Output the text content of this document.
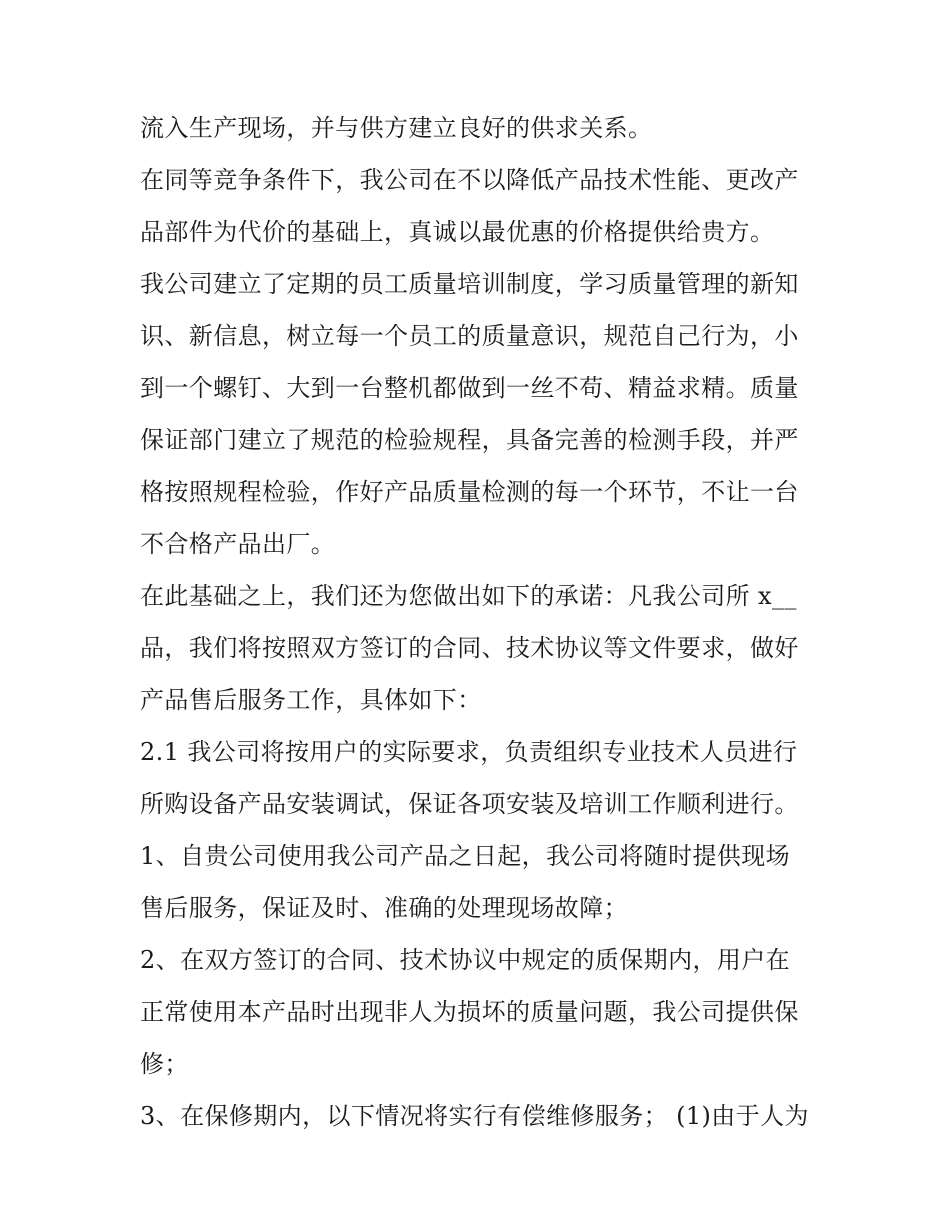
流入生产现场，并与供方建立良好的供求关系。
在同等竞争条件下，我公司在不以降低产品技术性能、更改产
品部件为代价的基础上，真诚以最优惠的价格提供给贵方。
我公司建立了定期的员工质量培训制度，学习质量管理的新知
识、新信息，树立每一个员工的质量意识，规范自己行为，小
到一个螺钉、大到一台整机都做到一丝不苟、精益求精。质量
保证部门建立了规范的检验规程，具备完善的检测手段，并严
格按照规程检验，作好产品质量检测的每一个环节，不让一台
不合格产品出厂。
在此基础之上，我们还为您做出如下的承诺：凡我公司所 x__
品，我们将按照双方签订的合同、技术协议等文件要求，做好
产品售后服务工作，具体如下：
2.1 我公司将按用户的实际要求，负责组织专业技术人员进行
所购设备产品安装调试，保证各项安装及培训工作顺利进行。
1、自贵公司使用我公司产品之日起，我公司将随时提供现场
售后服务，保证及时、准确的处理现场故障；
2、在双方签订的合同、技术协议中规定的质保期内，用户在
正常使用本产品时出现非人为损坏的质量问题，我公司提供保
修；
3、在保修期内，以下情况将实行有偿维修服务； (1)由于人为
